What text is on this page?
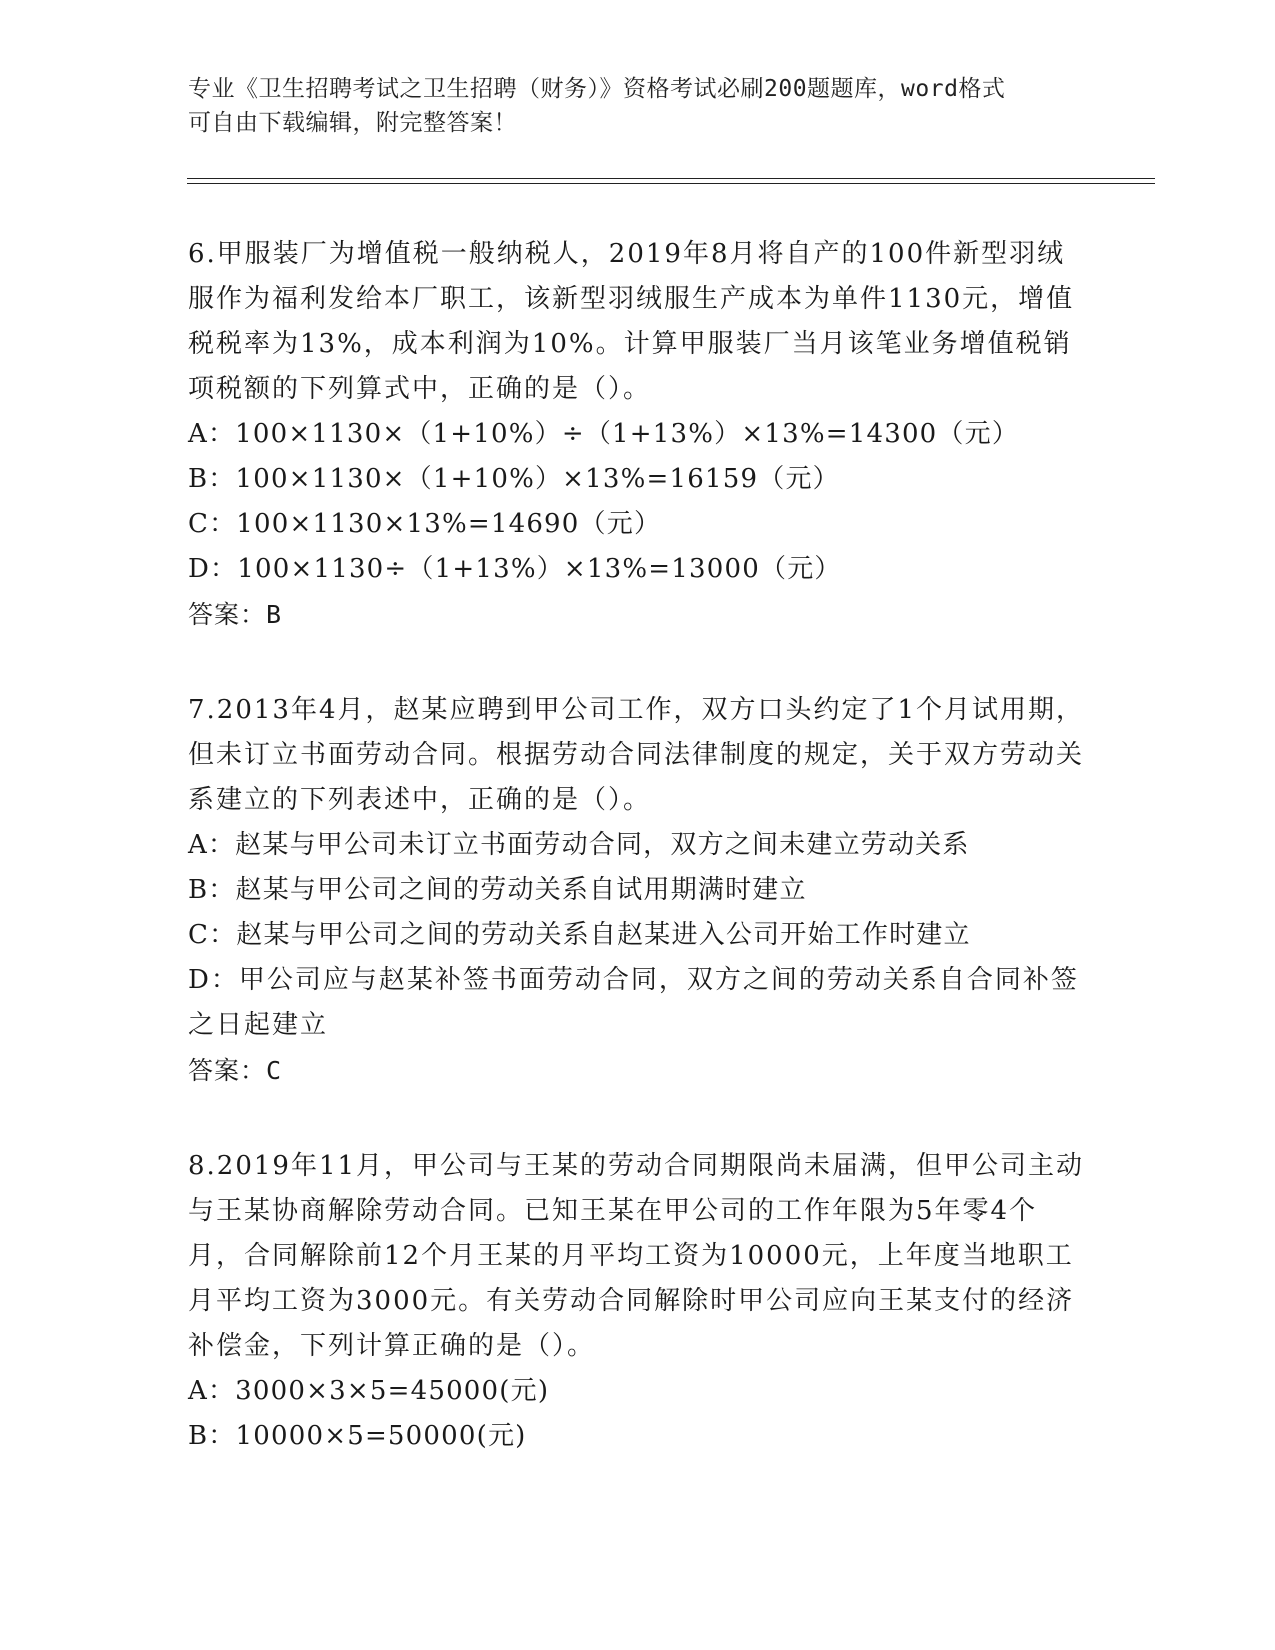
专业《卫生招聘考试之卫生招聘（财务）》资格考试必刷200题题库，word格式
可自由下载编辑，附完整答案！

6.甲服装厂为增值税一般纳税人，2019年8月将自产的100件新型羽绒服作为福利发给本厂职工，该新型羽绒服生产成本为单件1130元，增值税税率为13%，成本利润为10%。计算甲服装厂当月该笔业务增值税销项税额的下列算式中，正确的是（）。

A：100×1130×（1+10%）÷（1+13%）×13%=14300（元）

B：100×1130×（1+10%）×13%=16159（元）

C：100×1130×13%=14690（元）

D：100×1130÷（1+13%）×13%=13000（元）

答案：B

7.2013年4月，赵某应聘到甲公司工作，双方口头约定了1个月试用期，但未订立书面劳动合同。根据劳动合同法律制度的规定，关于双方劳动关系建立的下列表述中，正确的是（）。

A：赵某与甲公司未订立书面劳动合同，双方之间未建立劳动关系

B：赵某与甲公司之间的劳动关系自试用期满时建立

C：赵某与甲公司之间的劳动关系自赵某进入公司开始工作时建立

D：甲公司应与赵某补签书面劳动合同，双方之间的劳动关系自合同补签之日起建立

答案：C

8.2019年11月，甲公司与王某的劳动合同期限尚未届满，但甲公司主动与王某协商解除劳动合同。已知王某在甲公司的工作年限为5年零4个月，合同解除前12个月王某的月平均工资为10000元，上年度当地职工月平均工资为3000元。有关劳动合同解除时甲公司应向王某支付的经济补偿金，下列计算正确的是（）。

A：3000×3×5=45000(元)

B：10000×5=50000(元)
